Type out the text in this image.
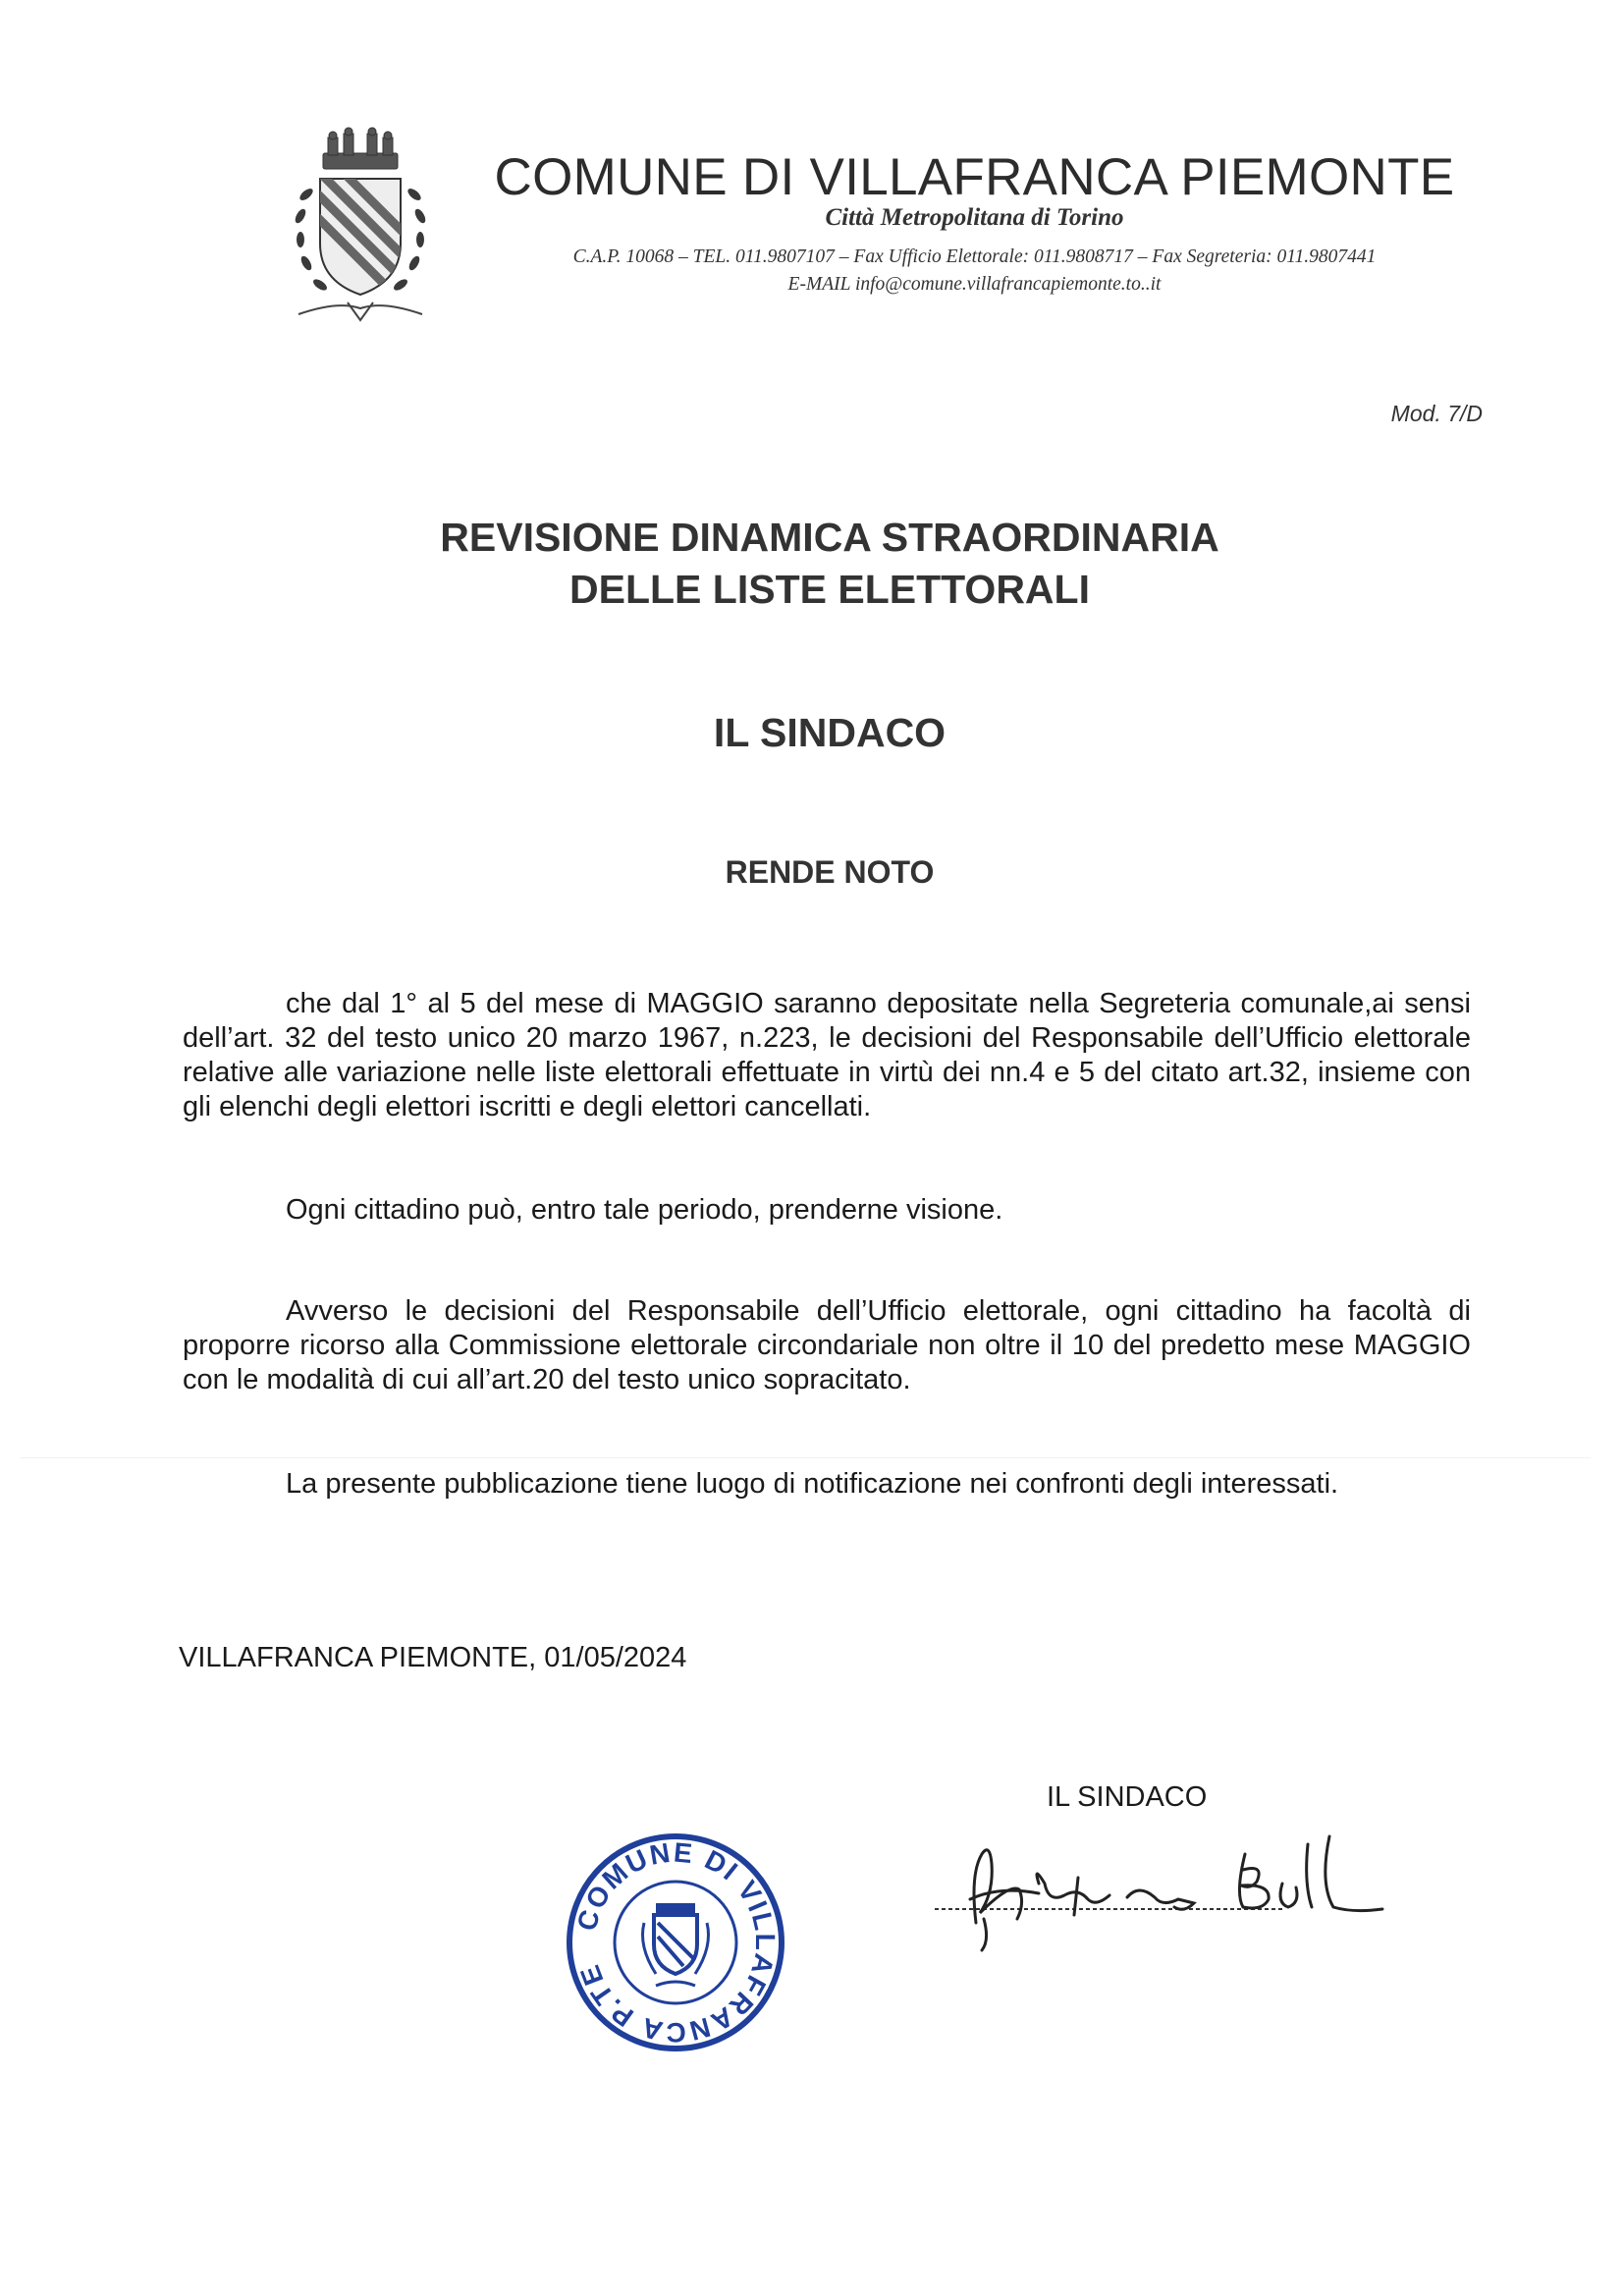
COMUNE DI VILLAFRANCA PIEMONTE
Città Metropolitana di Torino
C.A.P. 10068 – TEL. 011.9807107 – Fax Ufficio Elettorale: 011.9808717 – Fax Segreteria: 011.9807441
E-MAIL info@comune.villafrancapiemonte.to..it
Mod. 7/D
REVISIONE DINAMICA STRAORDINARIA
DELLE LISTE ELETTORALI
IL SINDACO
RENDE NOTO

che dal 1° al 5 del mese di MAGGIO saranno depositate nella Segreteria comunale,ai sensi dell’art. 32 del testo unico 20 marzo 1967, n.223, le decisioni del Responsabile dell’Ufficio elettorale relative alle variazione nelle liste elettorali effettuate in virtù dei nn.4 e 5 del citato art.32, insieme con gli elenchi degli elettori iscritti e degli elettori cancellati.

Ogni cittadino può, entro tale periodo, prenderne visione.

Avverso le decisioni del Responsabile dell’Ufficio elettorale, ogni cittadino ha facoltà di proporre ricorso alla Commissione elettorale circondariale non oltre il 10 del predetto mese MAGGIO con le modalità di cui all’art.20 del testo unico sopracitato.

La presente pubblicazione tiene luogo di notificazione nei confronti degli interessati.

VILLAFRANCA PIEMONTE, 01/05/2024
IL SINDACO
COMUNE DI VILLAFRANCA P.TE
